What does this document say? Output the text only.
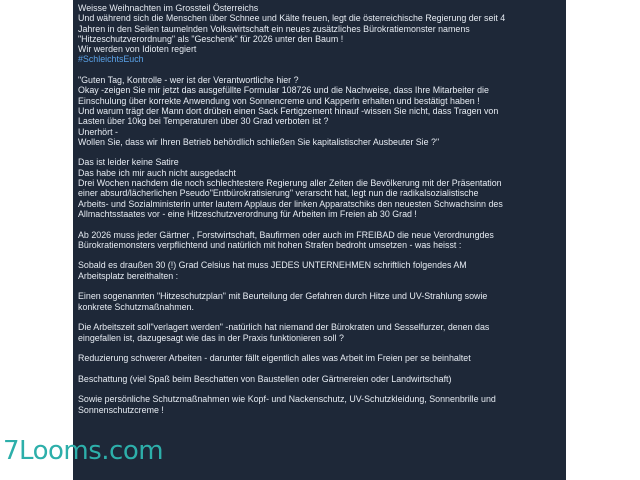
Weisse Weihnachten im Grossteil Österreichs
Und während sich die Menschen über Schnee und Kälte freuen, legt die österreichische Regierung der seit 4
Jahren in den Seilen taumelnden Volkswirtschaft ein neues zusätzliches Bürokratiemonster namens
"Hitzeschutzverordnung" als "Geschenk" für 2026 unter den Baum !
Wir werden von Idioten regiert
#SchleichtsEuch
"Guten Tag, Kontrolle - wer ist der Verantwortliche hier ?
Okay -zeigen Sie mir jetzt das ausgefüllte Formular 108726 und die Nachweise, dass Ihre Mitarbeiter die
Einschulung über korrekte Anwendung von Sonnencreme und Kapperln erhalten und bestätigt haben !
Und warum trägt der Mann dort drüben einen Sack Fertigzement hinauf -wissen Sie nicht, dass Tragen von
Lasten über 10kg bei Temperaturen über 30 Grad verboten ist ?
Unerhört -
Wollen Sie, dass wir Ihren Betrieb behördlich schließen Sie kapitalistischer Ausbeuter Sie ?"
Das ist leider keine Satire
Das habe ich mir auch nicht ausgedacht
Drei Wochen nachdem die noch schlechtestere Regierung aller Zeiten die Bevölkerung mit der Präsentation
einer absurd/lächerlichen Pseudo"Entbürokratisierung" verarscht hat, legt nun die radikalsozialistische
Arbeits- und Sozialministerin unter lautem Applaus der linken Apparatschiks den neuesten Schwachsinn des
Allmachtsstaates vor - eine Hitzeschutzverordnung für Arbeiten im Freien ab 30 Grad !
Ab 2026 muss jeder Gärtner , Forstwirtschaft, Baufirmen oder auch im FREIBAD die neue Verordnungdes
Bürokratiemonsters verpflichtend und natürlich mit hohen Strafen bedroht umsetzen - was heisst :
Sobald es draußen 30 (!) Grad Celsius hat muss JEDES UNTERNEHMEN schriftlich folgendes AM
Arbeitsplatz bereithalten :
Einen sogenannten "Hitzeschutzplan" mit Beurteilung der Gefahren durch Hitze und UV-Strahlung sowie
konkrete Schutzmaßnahmen.
Die Arbeitszeit soll"verlagert werden" -natürlich hat niemand der Bürokraten und Sesselfurzer, denen das
eingefallen ist, dazugesagt wie das in der Praxis funktionieren soll ?
Reduzierung schwerer Arbeiten - darunter fällt eigentlich alles was Arbeit im Freien per se beinhaltet
Beschattung (viel Spaß beim Beschatten von Baustellen oder Gärtnereien oder Landwirtschaft)
Sowie persönliche Schutzmaßnahmen wie Kopf- und Nackenschutz, UV-Schutzkleidung, Sonnenbrille und
Sonnenschutzcreme !
7Looms.com
